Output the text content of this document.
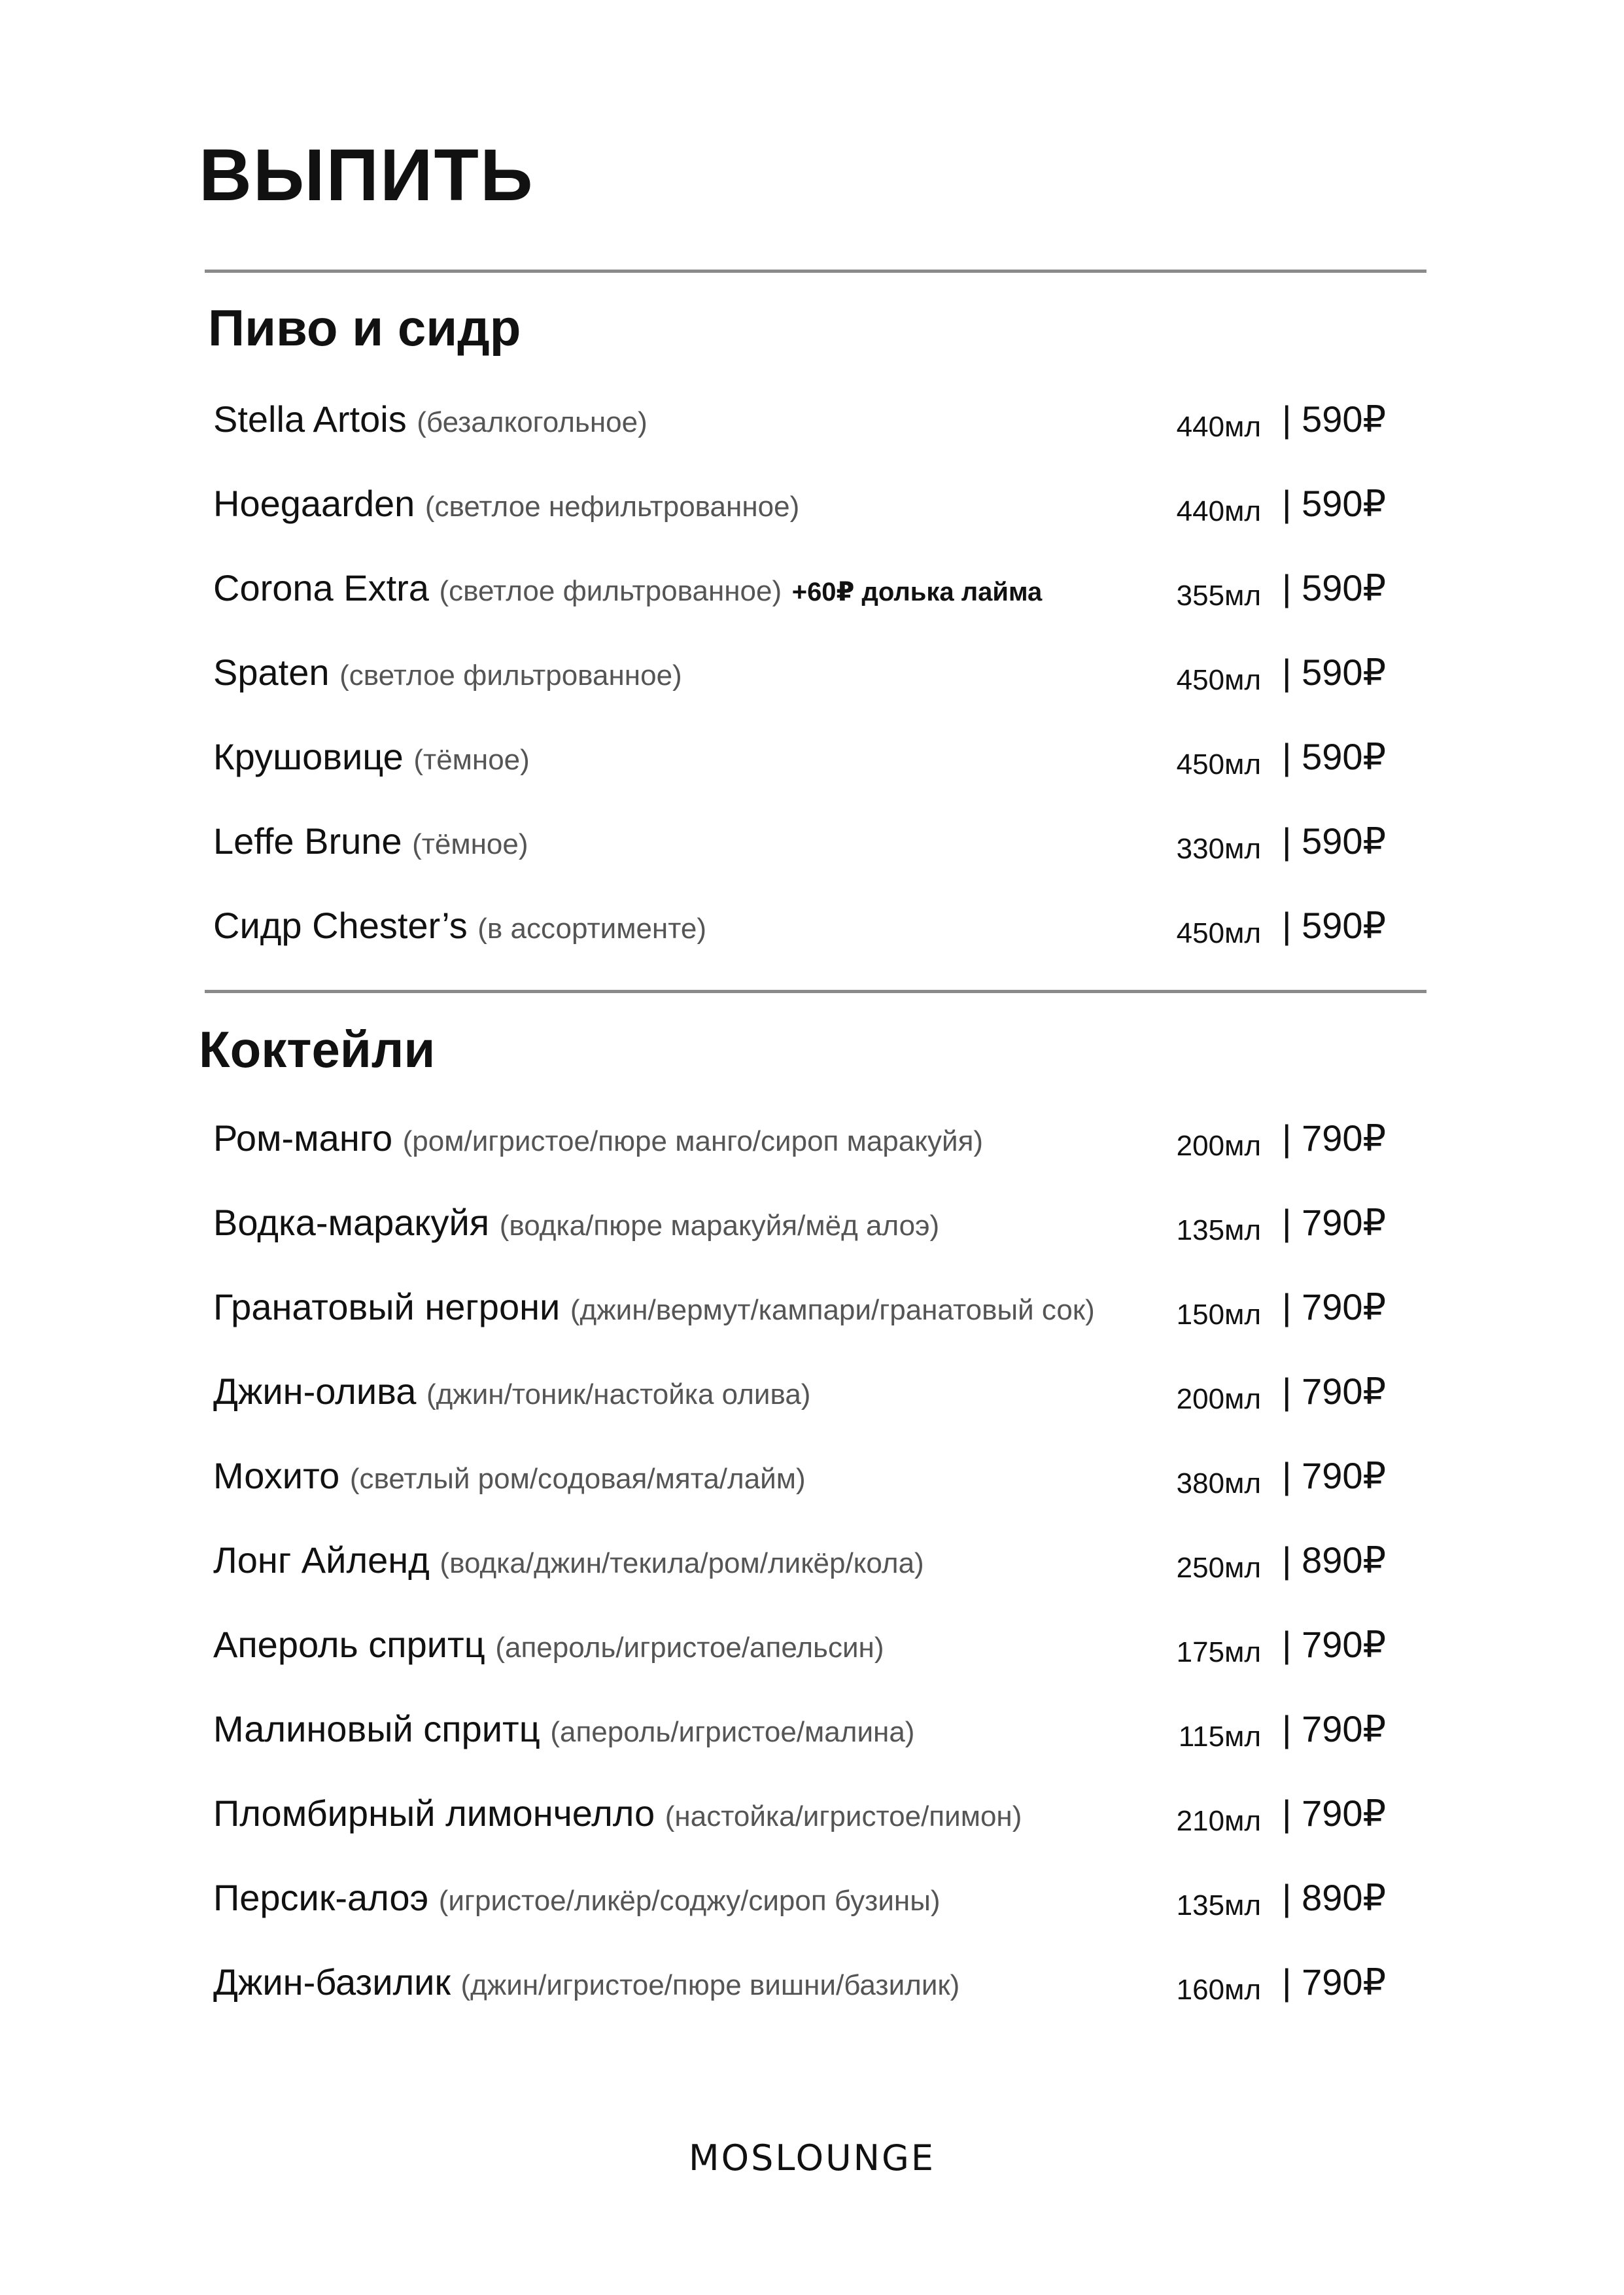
ВЫПИТЬ
Пиво и сидр
Stella Artois (безалкогольное)	440мл | 590₽
Hoegaarden (светлое нефильтрованное)	440мл | 590₽
Corona Extra (светлое фильтрованное) +60₽ долька лайма	355мл | 590₽
Spaten (светлое фильтрованное)	450мл | 590₽
Крушовице (тёмное)	450мл | 590₽
Leffe Brune (тёмное)	330мл | 590₽
Сидр Chester’s (в ассортименте)	450мл | 590₽
Коктейли
Ром-манго (ром/игристое/пюре манго/сироп маракуйя)	200мл | 790₽
Водка-маракуйя (водка/пюре маракуйя/мёд алоэ)	135мл | 790₽
Гранатовый негрони (джин/вермут/кампари/гранатовый сок)	150мл | 790₽
Джин-олива (джин/тоник/настойка олива)	200мл | 790₽
Мохито (светлый ром/содовая/мята/лайм)	380мл | 790₽
Лонг Айленд (водка/джин/текила/ром/ликёр/кола)	250мл | 890₽
Апероль спритц (апероль/игристое/апельсин)	175мл | 790₽
Малиновый спритц (апероль/игристое/малина)	115мл | 790₽
Пломбирный лимончелло (настойка/игристое/пимон)	210мл | 790₽
Персик-алоэ (игристое/ликёр/соджу/сироп бузины)	135мл | 890₽
Джин-базилик (джин/игристое/пюре вишни/базилик)	160мл | 790₽
MOSLOUNGE
